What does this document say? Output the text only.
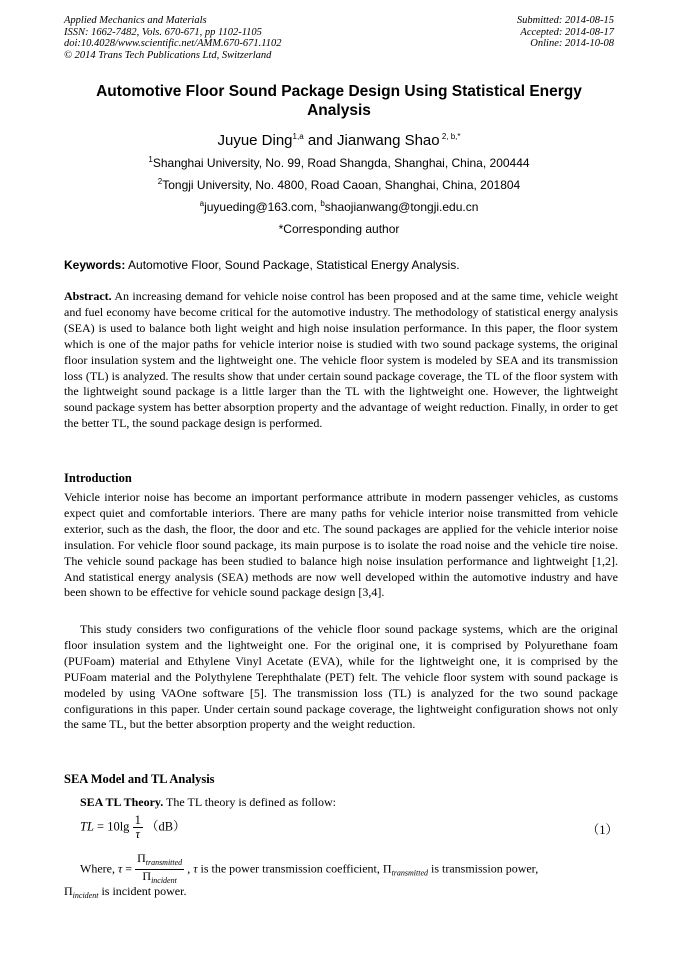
Applied Mechanics and Materials
ISSN: 1662-7482, Vols. 670-671, pp 1102-1105
doi:10.4028/www.scientific.net/AMM.670-671.1102
© 2014 Trans Tech Publications Ltd, Switzerland
Submitted: 2014-08-15
Accepted: 2014-08-17
Online: 2014-10-08
Automotive Floor Sound Package Design Using Statistical Energy Analysis
Juyue Ding$^{1,a}$ and Jianwang Shao $^{2, b,*}$
$^1$Shanghai University, No. 99, Road Shangda, Shanghai, China, 200444
$^2$Tongji University, No. 4800, Road Caoan, Shanghai, China, 201804
$^a$juyueding@163.com, $^b$shaojianwang@tongji.edu.cn
*Corresponding author
Keywords: Automotive Floor, Sound Package, Statistical Energy Analysis.

Abstract. An increasing demand for vehicle noise control has been proposed and at the same time, vehicle weight and fuel economy have become critical for the automotive industry. The methodology of statistical energy analysis (SEA) is used to balance both light weight and high noise insulation performance. In this paper, the floor system which is one of the major paths for vehicle interior noise is studied with two sound package systems, the original floor insulation system and the lightweight one. The vehicle floor system is modeled by SEA and its transmission loss (TL) is analyzed. The results show that under certain sound package coverage, the TL of the floor system with the lightweight sound package is a little larger than the TL with the lightweight one. However, the lightweight sound package system has better absorption property and the advantage of weight reduction. Finally, in order to get the better TL, the sound package design is performed.

Introduction

Vehicle interior noise has become an important performance attribute in modern passenger vehicles, as customs expect quiet and comfortable interiors. There are many paths for vehicle interior noise transmitted from vehicle exterior, such as the dash, the floor, the door and etc. The sound packages are applied for the vehicle interior noise insulation. For vehicle floor sound package, its main purpose is to isolate the road noise and the vehicle tire noise. The vehicle sound package has been studied to balance high noise insulation performance and lightweight [1,2]. And statistical energy analysis (SEA) methods are now well developed within the automotive industry and have been shown to be effective for vehicle sound package design [3,4].

This study considers two configurations of the vehicle floor sound package systems, which are the original floor insulation system and the lightweight one. For the original one, it is comprised by Polyurethane foam (PUFoam) material and Ethylene Vinyl Acetate (EVA), while for the lightweight one, it is comprised by the PUFoam material and the Polythylene Terephthalate (PET) felt. The vehicle floor system with sound package is modeled by using VAOne software [5]. The transmission loss (TL) is analyzed for the two sound package configurations in this paper. Under certain sound package coverage, the lightweight configuration shows not only the same TL, but the better absorption property and the weight reduction.

SEA Model and TL Analysis

SEA TL Theory. The TL theory is defined as follow:

TL = $10\lg \frac{1}{\tau} (dB)$	（1）

Where, $\tau = \frac{\Pi_{transmitted}}{\Pi_{incident}}$ , τ is the power transmission coefficient, $\Pi_{transmitted}$ is transmission power,

$\Pi_{incident}$ is incident power.
